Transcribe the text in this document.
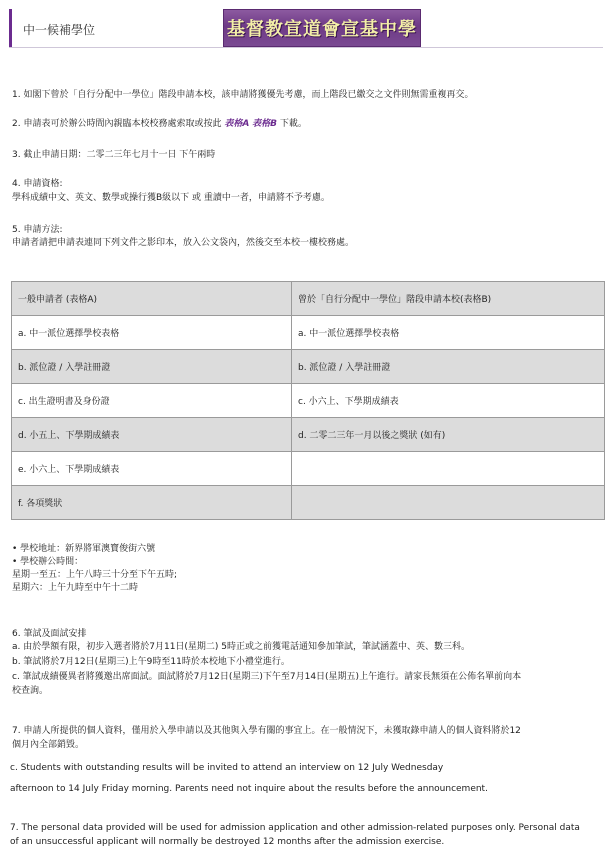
中一候補學位	基督教宣道會宣基中學
1. 如閣下曾於「自行分配中一學位」階段申請本校，該申請將獲優先考慮，而上階段已繳交之文件則無需重複再交。
2. 申請表可於辦公時間內親臨本校校務處索取或按此 表格A 表格B 下載。
3. 截止申請日期：二零二三年七月十一日 下午兩時
4. 申請資格:
學科成績中文、英文、數學或操行獲B級以下 或 重讀中一者，申請將不予考慮。
5. 申請方法:
申請者請把申請表連同下列文件之影印本，放入公文袋內，然後交至本校一樓校務處。
一般申請者 (表格A)	曾於「自行分配中一學位」階段申請本校(表格B)
a. 中一派位選擇學校表格	a. 中一派位選擇學校表格
b. 派位證 / 入學註冊證	b. 派位證 / 入學註冊證
c. 出生證明書及身份證	c. 小六上、下學期成績表
d. 小五上、下學期成績表	d. 二零二三年一月以後之獎狀 (如有)
e. 小六上、下學期成績表	
f. 各項獎狀	
• 學校地址：新界將軍澳寶俊街六號
• 學校辦公時間：
星期一至五：上午八時三十分至下午五時;
星期六：上午九時至中午十二時
6. 筆試及面試安排
a. 由於學額有限，初步入選者將於7月11日(星期二) 5時正或之前獲電話通知參加筆試，筆試涵蓋中、英、數三科。
b. 筆試將於7月12日(星期三)上午9時至11時於本校地下小禮堂進行。
c. 筆試成績優異者將獲邀出席面試。面試將於7月12日(星期三)下午至7月14日(星期五)上午進行。請家長無須在公佈名單前向本
校查詢。
7. 申請人所提供的個人資料，僅用於入學申請以及其他與入學有關的事宜上。在一般情況下，未獲取錄申請人的個人資料將於12
個月內全部銷毀。
c. Students with outstanding results will be invited to attend an interview on 12 July Wednesday
afternoon to 14 July Friday morning. Parents need not inquire about the results before the announcement.
7. The personal data provided will be used for admission application and other admission-related purposes only. Personal data
of an unsuccessful applicant will normally be destroyed 12 months after the admission exercise.
